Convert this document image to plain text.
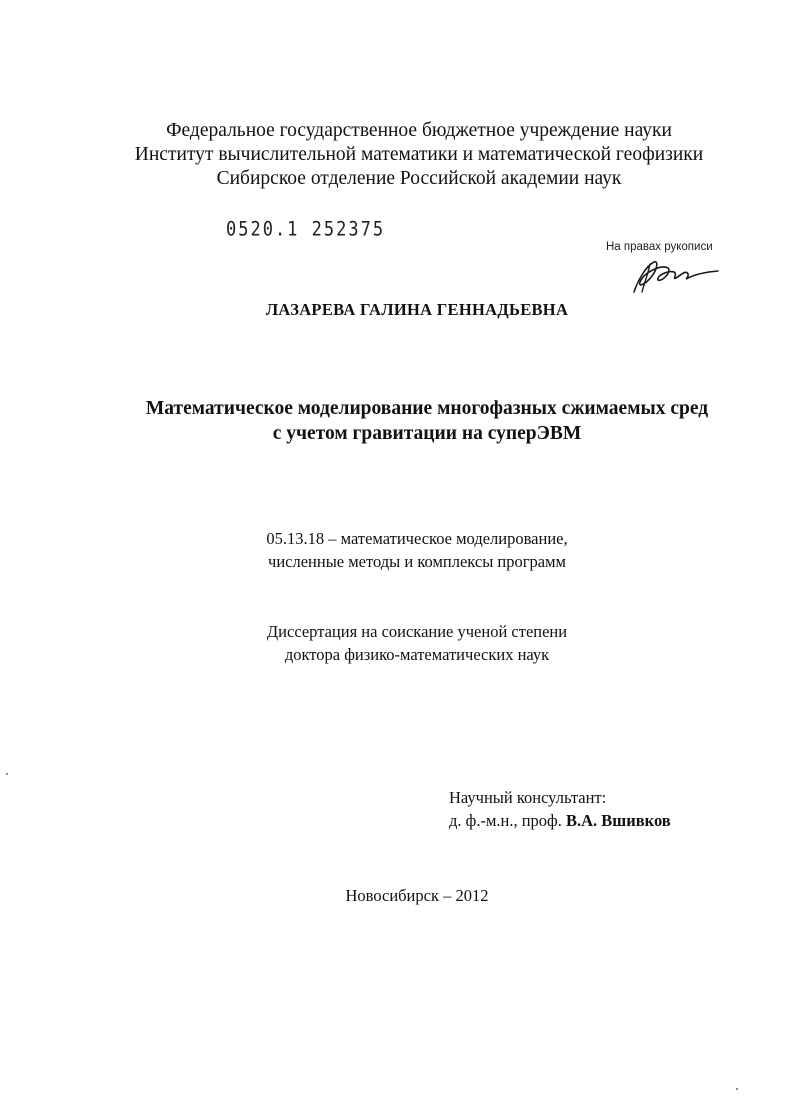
Федеральное государственное бюджетное учреждение науки
Институт вычислительной математики и математической геофизики
Сибирское отделение Российской академии наук
0520.1 252375
На правах рукописи
ЛАЗАРЕВА ГАЛИНА ГЕННАДЬЕВНА
Математическое моделирование многофазных сжимаемых сред
с учетом гравитации на суперЭВМ
05.13.18 – математическое моделирование,
численные методы и комплексы программ
Диссертация на соискание ученой степени
доктора физико-математических наук
Научный консультант:
д. ф.-м.н., проф. В.А. Вшивков
Новосибирск – 2012
